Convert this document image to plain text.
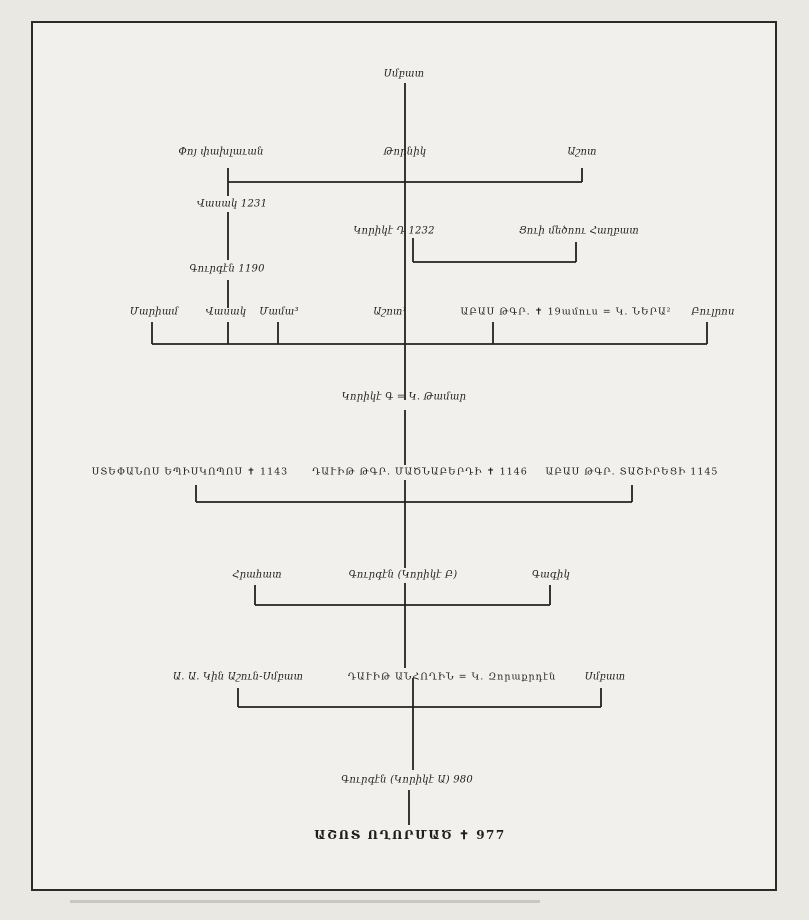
Սմբատ
Փոյ փախլաւան	Թորնիկ	Աշոտ
Վասակ 1231
Կորիկէ Դ 1232	Ցուի մեծոու Հաղբատ
Գուրգէն 1190
Մարիամ	Վասակ Մամա³	Աշոտ¹	ԱԲԱՍ ԹԳՐ. ✝ 19ամուս = Կ. ՆԵՐԱ² Բուլրոս
Կորիկէ Գ = Կ. Թամար
ՍՏԵՓԱՆՈՍ ԵՊԻՍԿՈՊՈՍ ✝ 1143	ԴԱՒԻԹ ԹԳՐ. ՄԱԾՆԱԲԵՐԴԻ ✝ 1146 ԱԲԱՍ ԹԳՐ. ՏԱՇԻՐԵՑԻ 1145
Հրահատ	Գուրգէն (Կորիկէ Բ)	Գագիկ
Ա. Ա. Կին Աշուն-Սմբատ	ԴԱՒԻԹ ԱՆՀՈՂԻՆ = Կ. Զորաքրդէն	Սմբատ
Գուրգէն (Կորիկէ Ա) 980
ԱՇՈՏ ՈՂՈՐՄԱԾ ✝ 977
